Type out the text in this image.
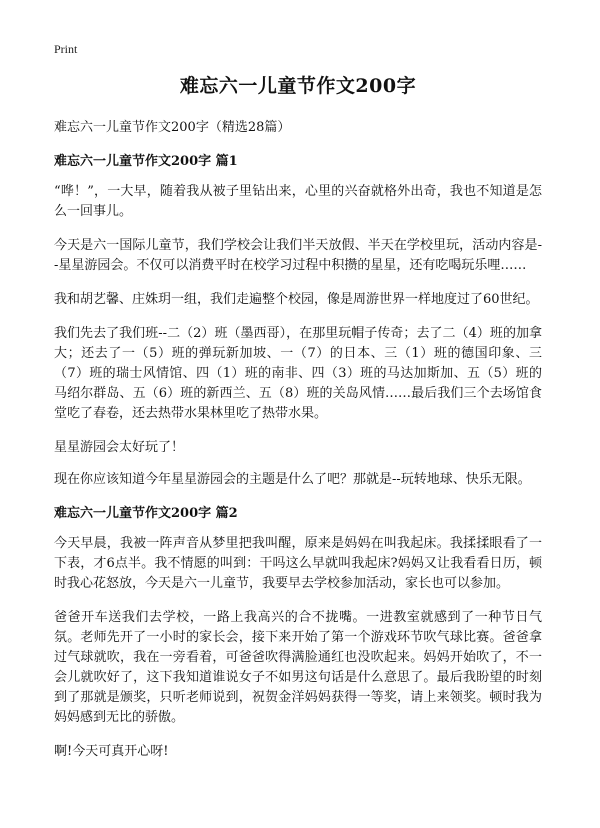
Print
难忘六一儿童节作文200字
难忘六一儿童节作文200字（精选28篇）
难忘六一儿童节作文200字 篇1

“哗！”，一大早，随着我从被子里钻出来，心里的兴奋就格外出奇，我也不知道是怎么一回事儿。

今天是六一国际儿童节，我们学校会让我们半天放假、半天在学校里玩，活动内容是--星星游园会。不仅可以消费平时在校学习过程中积攒的星星，还有吃喝玩乐哩……

我和胡艺馨、庄姝玥一组，我们走遍整个校园，像是周游世界一样地度过了60世纪。

我们先去了我们班--二（2）班（墨西哥），在那里玩帽子传奇；去了二（4）班的加拿大；还去了一（5）班的弹玩新加坡、一（7）的日本、三（1）班的德国印象、三（7）班的瑞士风情馆、四（1）班的南非、四（3）班的马达加斯加、五（5）班的马绍尔群岛、五（6）班的新西兰、五（8）班的关岛风情……最后我们三个去场馆食堂吃了春卷，还去热带水果林里吃了热带水果。

星星游园会太好玩了！

现在你应该知道今年星星游园会的主题是什么了吧？那就是--玩转地球、快乐无限。

难忘六一儿童节作文200字 篇2

今天早晨，我被一阵声音从梦里把我叫醒，原来是妈妈在叫我起床。我揉揉眼看了一下表，才6点半。我不情愿的叫到：干吗这么早就叫我起床?妈妈又让我看看日历，顿时我心花怒放，今天是六一儿童节，我要早去学校参加活动，家长也可以参加。

爸爸开车送我们去学校，一路上我高兴的合不拢嘴。一进教室就感到了一种节日气氛。老师先开了一小时的家长会，接下来开始了第一个游戏环节吹气球比赛。爸爸拿过气球就吹，我在一旁看着，可爸爸吹得满脸通红也没吹起来。妈妈开始吹了，不一会儿就吹好了，这下我知道谁说女子不如男这句话是什么意思了。最后我盼望的时刻到了那就是颁奖，只听老师说到，祝贺金洋妈妈获得一等奖，请上来领奖。顿时我为妈妈感到无比的骄傲。

啊!今天可真开心呀!
